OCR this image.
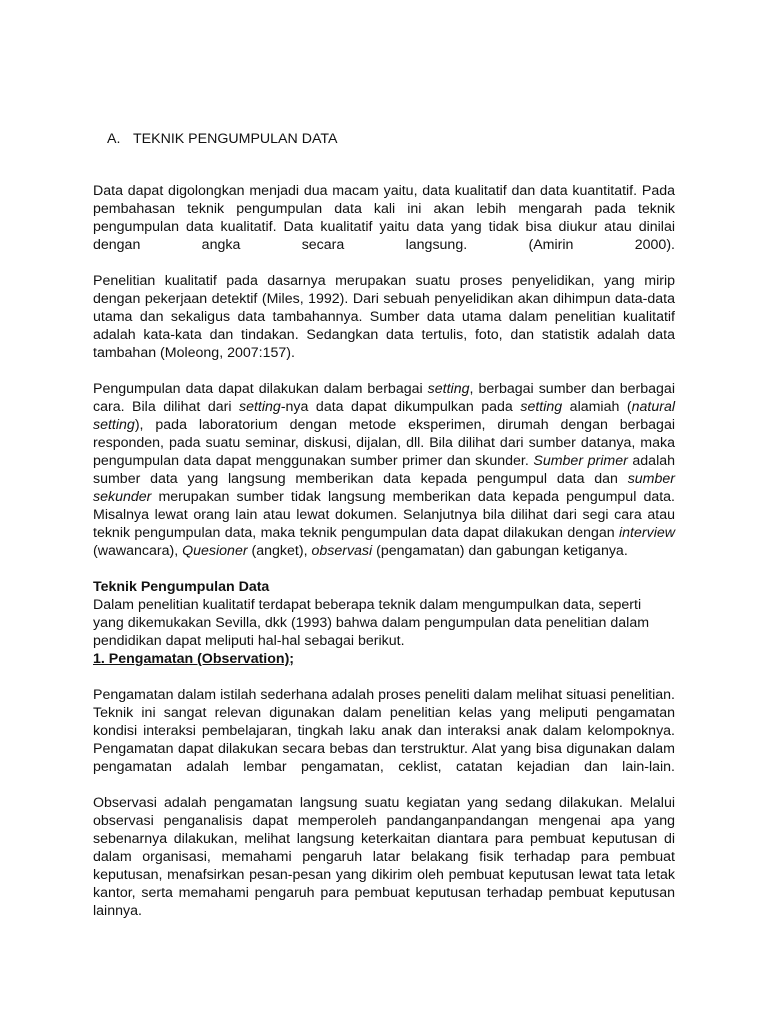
A. TEKNIK PENGUMPULAN DATA

Data dapat digolongkan menjadi dua macam yaitu, data kualitatif dan data kuantitatif. Pada pembahasan teknik pengumpulan data kali ini akan lebih mengarah pada teknik pengumpulan data kualitatif. Data kualitatif yaitu data yang tidak bisa diukur atau dinilai dengan angka secara langsung. (Amirin 2000).

Penelitian kualitatif pada dasarnya merupakan suatu proses penyelidikan, yang mirip dengan pekerjaan detektif (Miles, 1992). Dari sebuah penyelidikan akan dihimpun data-data utama dan sekaligus data tambahannya. Sumber data utama dalam penelitian kualitatif adalah kata-kata dan tindakan. Sedangkan data tertulis, foto, dan statistik adalah data tambahan (Moleong, 2007:157).

Pengumpulan data dapat dilakukan dalam berbagai setting, berbagai sumber dan berbagai cara. Bila dilihat dari setting-nya data dapat dikumpulkan pada setting alamiah (natural setting), pada laboratorium dengan metode eksperimen, dirumah dengan berbagai responden, pada suatu seminar, diskusi, dijalan, dll. Bila dilihat dari sumber datanya, maka pengumpulan data dapat menggunakan sumber primer dan skunder. Sumber primer adalah sumber data yang langsung memberikan data kepada pengumpul data dan sumber sekunder merupakan sumber tidak langsung memberikan data kepada pengumpul data. Misalnya lewat orang lain atau lewat dokumen. Selanjutnya bila dilihat dari segi cara atau teknik pengumpulan data, maka teknik pengumpulan data dapat dilakukan dengan interview (wawancara), Quesioner (angket), observasi (pengamatan) dan gabungan ketiganya.

Teknik Pengumpulan Data

Dalam penelitian kualitatif terdapat beberapa teknik dalam mengumpulkan data, seperti yang dikemukakan Sevilla, dkk (1993) bahwa dalam pengumpulan data penelitian dalam pendidikan dapat meliputi hal-hal sebagai berikut.

1. Pengamatan (Observation);

Pengamatan dalam istilah sederhana adalah proses peneliti dalam melihat situasi penelitian. Teknik ini sangat relevan digunakan dalam penelitian kelas yang meliputi pengamatan kondisi interaksi pembelajaran, tingkah laku anak dan interaksi anak dalam kelompoknya. Pengamatan dapat dilakukan secara bebas dan terstruktur. Alat yang bisa digunakan dalam pengamatan adalah lembar pengamatan, ceklist, catatan kejadian dan lain-lain.

Observasi adalah pengamatan langsung suatu kegiatan yang sedang dilakukan. Melalui observasi penganalisis dapat memperoleh pandanganpandangan mengenai apa yang sebenarnya dilakukan, melihat langsung keterkaitan diantara para pembuat keputusan di dalam organisasi, memahami pengaruh latar belakang fisik terhadap para pembuat keputusan, menafsirkan pesan-pesan yang dikirim oleh pembuat keputusan lewat tata letak kantor, serta memahami pengaruh para pembuat keputusan terhadap pembuat keputusan lainnya.
